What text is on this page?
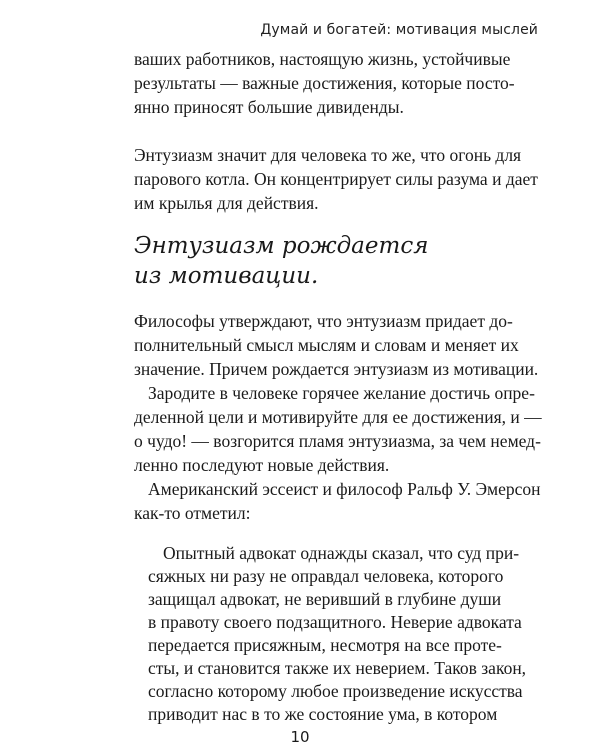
Думай и богатей: мотивация мыслей
ваших работников, настоящую жизнь, устойчивые
результаты — важные достижения, которые посто-
янно приносят большие дивиденды.
Энтузиазм значит для человека то же, что огонь для
парового котла. Он концентрирует силы разума и дает
им крылья для действия.
Энтузиазм рождается
из мотивации.
Философы утверждают, что энтузиазм придает до-
полнительный смысл мыслям и словам и меняет их
значение. Причем рождается энтузиазм из мотивации.
Зародите в человеке горячее желание достичь опре-
деленной цели и мотивируйте для ее достижения, и —
о чудо! — возгорится пламя энтузиазма, за чем немед-
ленно последуют новые действия.
Американский эссеист и философ Ральф У. Эмерсон
как-то отметил:
Опытный адвокат однажды сказал, что суд при-
сяжных ни разу не оправдал человека, которого
защищал адвокат, не веривший в глубине души
в правоту своего подзащитного. Неверие адвоката
передается присяжным, несмотря на все проте-
сты, и становится также их неверием. Таков закон,
согласно которому любое произведение искусства
10
приводит нас в то же состояние ума, в котором
